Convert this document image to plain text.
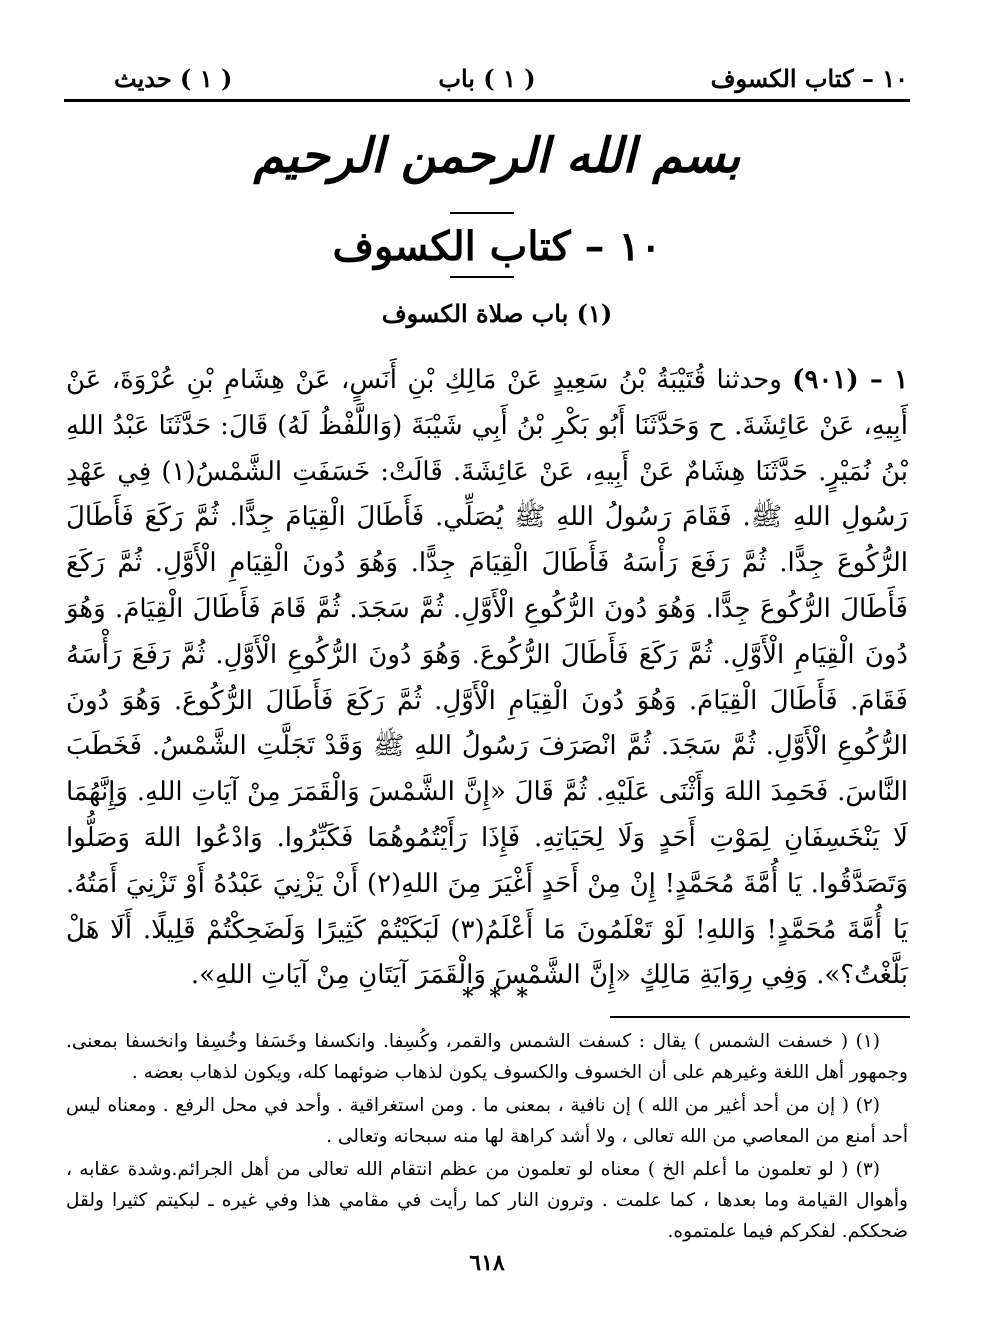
١٠ – كتاب الكسوف
( ١ ) باب
( ١ ) حديث
بسم الله الرحمن الرحيم
١٠ – كتاب الكسوف
(١) باب صلاة الكسوف

١ – (٩٠١) وحدثنا قُتَيْبَةُ بْنُ سَعِيدٍ عَنْ مَالِكِ بْنِ أَنَسٍ، عَنْ هِشَامِ بْنِ عُرْوَةَ، عَنْ أَبِيهِ، عَنْ عَائِشَةَ. ح وَحَدَّثَنَا أَبُو بَكْرِ بْنُ أَبِي شَيْبَةَ (وَاللَّفْظُ لَهُ) قَالَ: حَدَّثَنَا عَبْدُ اللهِ بْنُ نُمَيْرٍ. حَدَّثَنَا هِشَامٌ عَنْ أَبِيهِ، عَنْ عَائِشَةَ. قَالَتْ: خَسَفَتِ الشَّمْسُ(١) فِي عَهْدِ رَسُولِ اللهِ ﷺ. فَقَامَ رَسُولُ اللهِ ﷺ يُصَلِّي. فَأَطَالَ الْقِيَامَ جِدًّا. ثُمَّ رَكَعَ فَأَطَالَ الرُّكُوعَ جِدًّا. ثُمَّ رَفَعَ رَأْسَهُ فَأَطَالَ الْقِيَامَ جِدًّا. وَهُوَ دُونَ الْقِيَامِ الْأَوَّلِ. ثُمَّ رَكَعَ فَأَطَالَ الرُّكُوعَ جِدًّا. وَهُوَ دُونَ الرُّكُوعِ الْأَوَّلِ. ثُمَّ سَجَدَ. ثُمَّ قَامَ فَأَطَالَ الْقِيَامَ. وَهُوَ دُونَ الْقِيَامِ الْأَوَّلِ. ثُمَّ رَكَعَ فَأَطَالَ الرُّكُوعَ. وَهُوَ دُونَ الرُّكُوعِ الْأَوَّلِ. ثُمَّ رَفَعَ رَأْسَهُ فَقَامَ. فَأَطَالَ الْقِيَامَ. وَهُوَ دُونَ الْقِيَامِ الْأَوَّلِ. ثُمَّ رَكَعَ فَأَطَالَ الرُّكُوعَ. وَهُوَ دُونَ الرُّكُوعِ الْأَوَّلِ. ثُمَّ سَجَدَ. ثُمَّ انْصَرَفَ رَسُولُ اللهِ ﷺ وَقَدْ تَجَلَّتِ الشَّمْسُ. فَخَطَبَ النَّاسَ. فَحَمِدَ اللهَ وَأَثْنَى عَلَيْهِ. ثُمَّ قَالَ «إِنَّ الشَّمْسَ وَالْقَمَرَ مِنْ آيَاتِ اللهِ. وَإِنَّهُمَا لَا يَنْخَسِفَانِ لِمَوْتِ أَحَدٍ وَلَا لِحَيَاتِهِ. فَإِذَا رَأَيْتُمُوهُمَا فَكَبِّرُوا. وَادْعُوا اللهَ وَصَلُّوا وَتَصَدَّقُوا. يَا أُمَّةَ مُحَمَّدٍ! إِنْ مِنْ أَحَدٍ أَغْيَرَ مِنَ اللهِ(٢) أَنْ يَزْنِيَ عَبْدُهُ أَوْ تَزْنِيَ أَمَتُهُ. يَا أُمَّةَ مُحَمَّدٍ! وَاللهِ! لَوْ تَعْلَمُونَ مَا أَعْلَمُ(٣) لَبَكَيْتُمْ كَثِيرًا وَلَضَحِكْتُمْ قَلِيلًا. أَلَا هَلْ بَلَّغْتُ؟». وَفِي رِوَايَةِ مَالِكٍ «إِنَّ الشَّمْسَ وَالْقَمَرَ آيَتَانِ مِنْ آيَاتِ اللهِ».

* * *

(١) ( خسفت الشمس ) يقال : كسفت الشمس والقمر، وكُسِفا. وانكسفا وخَسَفا وخُسِفا وانخسفا بمعنى. وجمهور أهل اللغة وغيرهم على أن الخسوف والكسوف يكون لذهاب ضوئهما كله، ويكون لذهاب بعضه .

(٢) ( إن من أحد أغير من الله ) إن نافية ، بمعنى ما . ومن استغراقية . وأحد في محل الرفع . ومعناه ليس أحد أمنع من المعاصي من الله تعالى ، ولا أشد كراهة لها منه سبحانه وتعالى .

(٣) ( لو تعلمون ما أعلم الخ ) معناه لو تعلمون من عظم انتقام الله تعالى من أهل الجرائم.وشدة عقابه ، وأهوال القيامة وما بعدها ، كما علمت . وترون النار كما رأيت في مقامي هذا وفي غيره ـ لبكيتم كثيرا ولقل ضحككم. لفكركم فيما علمتموه.

٦١٨
